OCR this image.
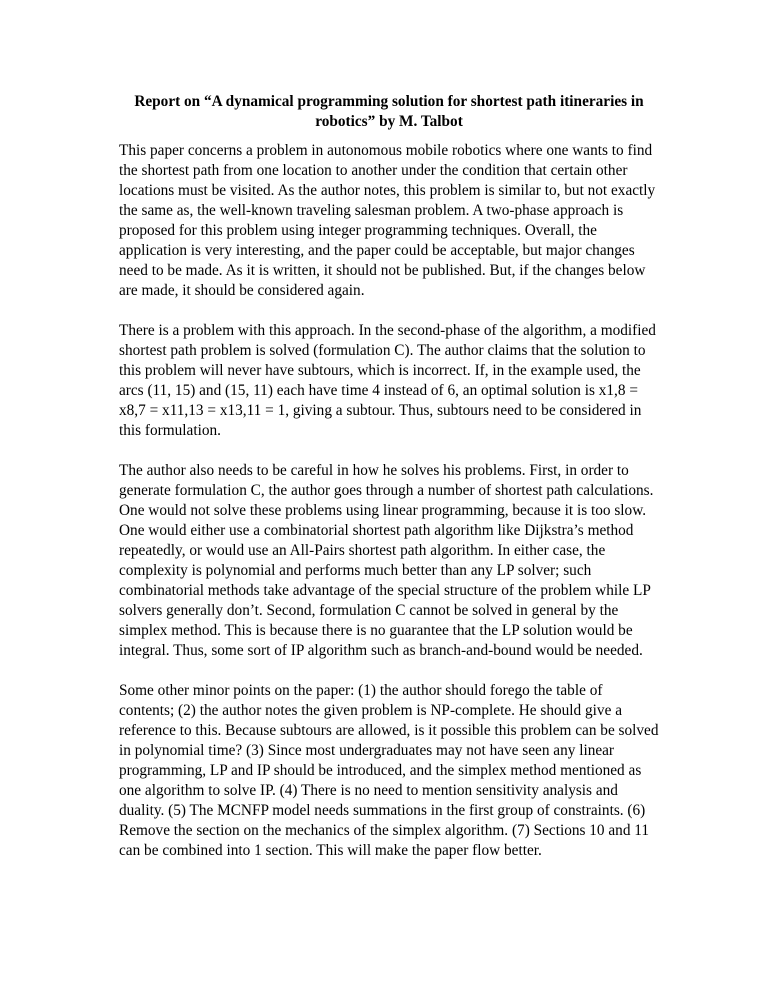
Report on “A dynamical programming solution for shortest path itineraries in robotics” by M. Talbot

This paper concerns a problem in autonomous mobile robotics where one wants to find the shortest path from one location to another under the condition that certain other locations must be visited. As the author notes, this problem is similar to, but not exactly the same as, the well-known traveling salesman problem. A two-phase approach is proposed for this problem using integer programming techniques. Overall, the application is very interesting, and the paper could be acceptable, but major changes need to be made. As it is written, it should not be published. But, if the changes below are made, it should be considered again.

There is a problem with this approach. In the second-phase of the algorithm, a modified shortest path problem is solved (formulation C). The author claims that the solution to this problem will never have subtours, which is incorrect. If, in the example used, the arcs (11, 15) and (15, 11) each have time 4 instead of 6, an optimal solution is x1,8 = x8,7 = x11,13 = x13,11 = 1, giving a subtour. Thus, subtours need to be considered in this formulation.

The author also needs to be careful in how he solves his problems. First, in order to generate formulation C, the author goes through a number of shortest path calculations. One would not solve these problems using linear programming, because it is too slow. One would either use a combinatorial shortest path algorithm like Dijkstra’s method repeatedly, or would use an All-Pairs shortest path algorithm. In either case, the complexity is polynomial and performs much better than any LP solver; such combinatorial methods take advantage of the special structure of the problem while LP solvers generally don’t. Second, formulation C cannot be solved in general by the simplex method. This is because there is no guarantee that the LP solution would be integral. Thus, some sort of IP algorithm such as branch-and-bound would be needed.

Some other minor points on the paper: (1) the author should forego the table of contents; (2) the author notes the given problem is NP-complete. He should give a reference to this. Because subtours are allowed, is it possible this problem can be solved in polynomial time? (3) Since most undergraduates may not have seen any linear programming, LP and IP should be introduced, and the simplex method mentioned as one algorithm to solve IP. (4) There is no need to mention sensitivity analysis and duality. (5) The MCNFP model needs summations in the first group of constraints. (6) Remove the section on the mechanics of the simplex algorithm. (7) Sections 10 and 11 can be combined into 1 section. This will make the paper flow better.
